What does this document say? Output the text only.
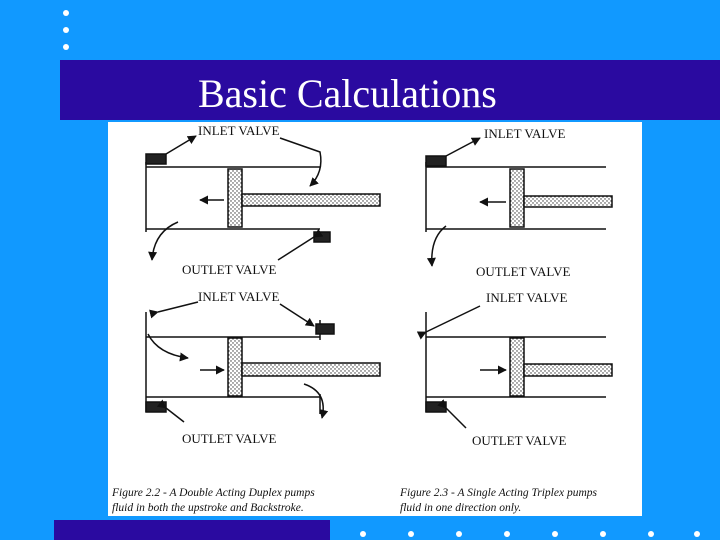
Basic Calculations
INLET VALVE
OUTLET VALVE
INLET VALVE
OUTLET VALVE
INLET VALVE
OUTLET VALVE
INLET VALVE
OUTLET VALVE
Figure 2.2 - A Double Acting Duplex pumps
fluid in both the upstroke and Backstroke.
Figure 2.3 - A Single Acting Triplex pumps
fluid in one direction only.
